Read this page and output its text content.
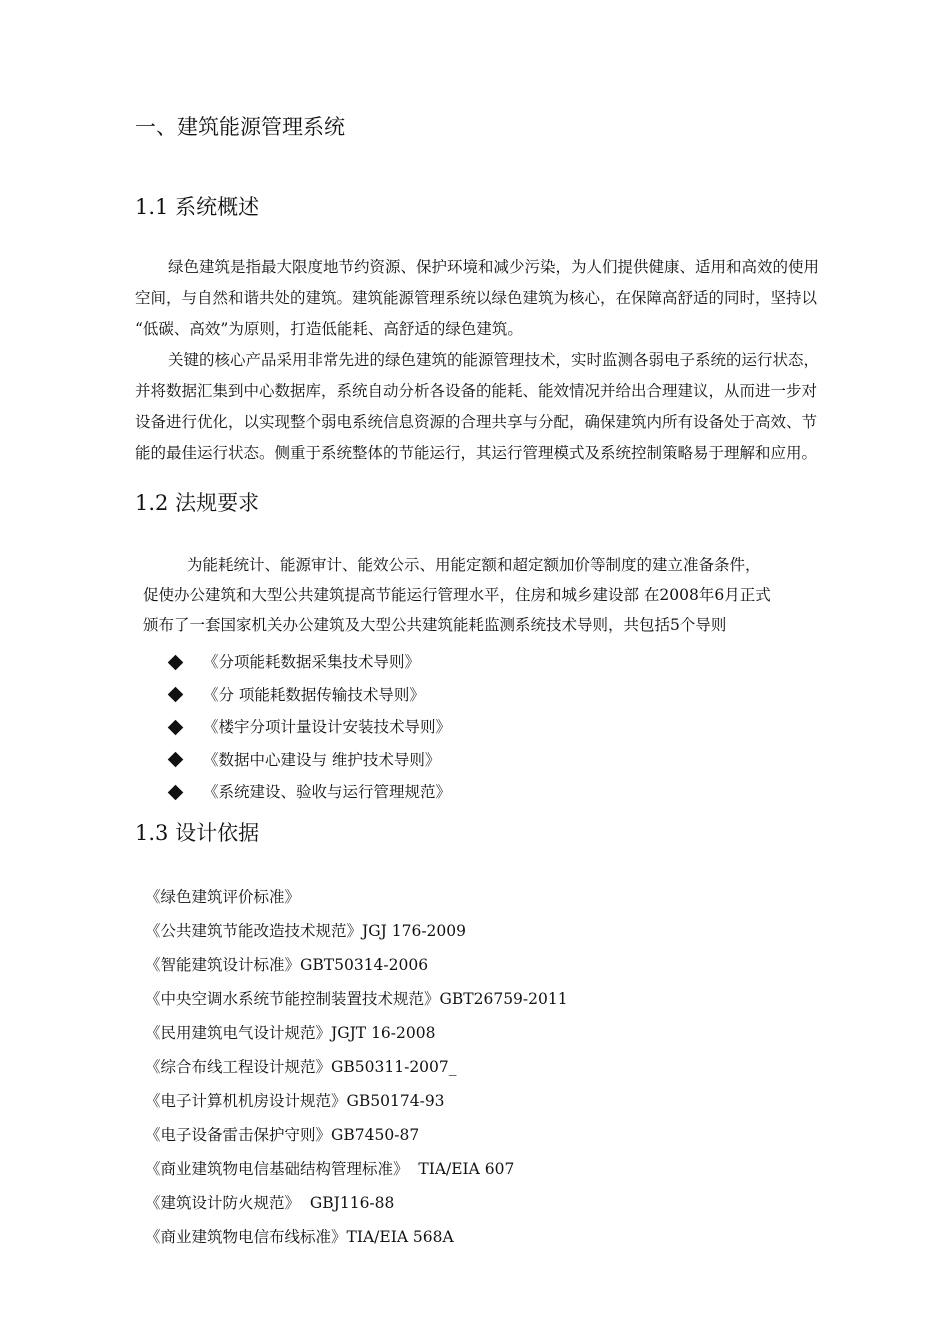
一、建筑能源管理系统
1.1 系统概述
绿色建筑是指最大限度地节约资源、保护环境和减少污染，为人们提供健康、适用和高效的使用
空间，与自然和谐共处的建筑。建筑能源管理系统以绿色建筑为核心，在保障高舒适的同时，坚持以
“低碳、高效”为原则，打造低能耗、高舒适的绿色建筑。
关键的核心产品采用非常先进的绿色建筑的能源管理技术，实时监测各弱电子系统的运行状态，
并将数据汇集到中心数据库，系统自动分析各设备的能耗、能效情况并给出合理建议，从而进一步对
设备进行优化，以实现整个弱电系统信息资源的合理共享与分配，确保建筑内所有设备处于高效、节
能的最佳运行状态。侧重于系统整体的节能运行，其运行管理模式及系统控制策略易于理解和应用。
1.2 法规要求
为能耗统计、能源审计、能效公示、用能定额和超定额加价等制度的建立准备条件，
促使办公建筑和大型公共建筑提高节能运行管理水平，住房和城乡建设部 在2008年6月正式
颁布了一套国家机关办公建筑及大型公共建筑能耗监测系统技术导则，共包括5个导则
《分项能耗数据采集技术导则》
《分 项能耗数据传输技术导则》
《楼宇分项计量设计安装技术导则》
《数据中心建设与 维护技术导则》
《系统建设、验收与运行管理规范》
1.3 设计依据
《绿色建筑评价标准》
《公共建筑节能改造技术规范》JGJ 176-2009
《智能建筑设计标准》GBT50314-2006
《中央空调水系统节能控制装置技术规范》GBT26759-2011
《民用建筑电气设计规范》JGJT 16-2008
《综合布线工程设计规范》GB50311-2007_
《电子计算机机房设计规范》GB50174-93
《电子设备雷击保护守则》GB7450-87
《商业建筑物电信基础结构管理标准》  TIA/EIA 607
《建筑设计防火规范》  GBJ116-88
《商业建筑物电信布线标准》TIA/EIA 568A
